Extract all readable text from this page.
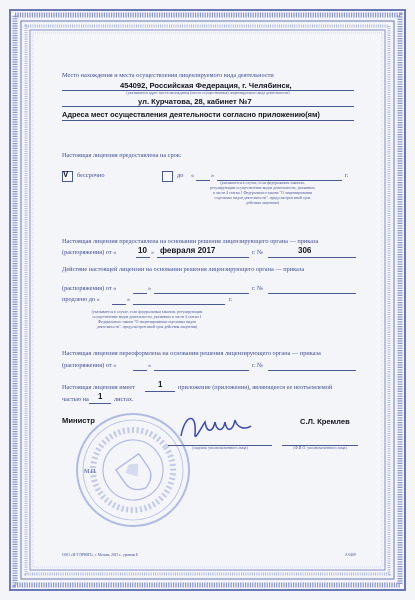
Место нахождения и места осуществления лицензируемого вида деятельности
454092, Российская Федерация, г. Челябинск,
(указывается адрес места нахождения (места осуществления) лицензируемого вида деятельности)
ул. Курчатова, 28, кабинет №7
Адреса мест осуществления деятельности согласно приложению(ям)
Настоящая лицензия предоставлена на срок:
V бессрочно	до «	»	г.
(указывается в случае, если федеральным законом, регулирующим осуществление видов деятельности, указанных в части 4 статьи 1 Федерального закона "О лицензировании отдельных видов деятельности", предусмотрен иной срок действия лицензии)
Настоящая лицензия предоставлена на основании решения лицензирующего органа — приказа
(распоряжения) от «	10 » февраля 2017	г. №	306
Действие настоящей лицензии на основании решения лицензирующего органа — приказа
(распоряжения) от «	»	г. №
продлено до «	»	г.
(указывается в случае, если федеральным законом, регулирующим осуществление видов деятельности, указанных в части 4 статьи 1 Федерального закона "О лицензировании отдельных видов деятельности", предусмотрен иной срок действия лицензии)
Настоящая лицензия переоформлена на основании решения лицензирующего органа — приказа
(распоряжения) от «	»	г. №
Настоящая лицензия имеет	1 приложение (приложения), являющееся ее неотъемлемой
частью на 1 листах.
Министр
(подпись уполномоченного лица)
С.Л. Кремлев
(Ф.И.О. уполномоченного лица)
М.П.
ООО «И-Т ПРИНТ», г. Москва, 2015 г., уровень Б	А 0469
